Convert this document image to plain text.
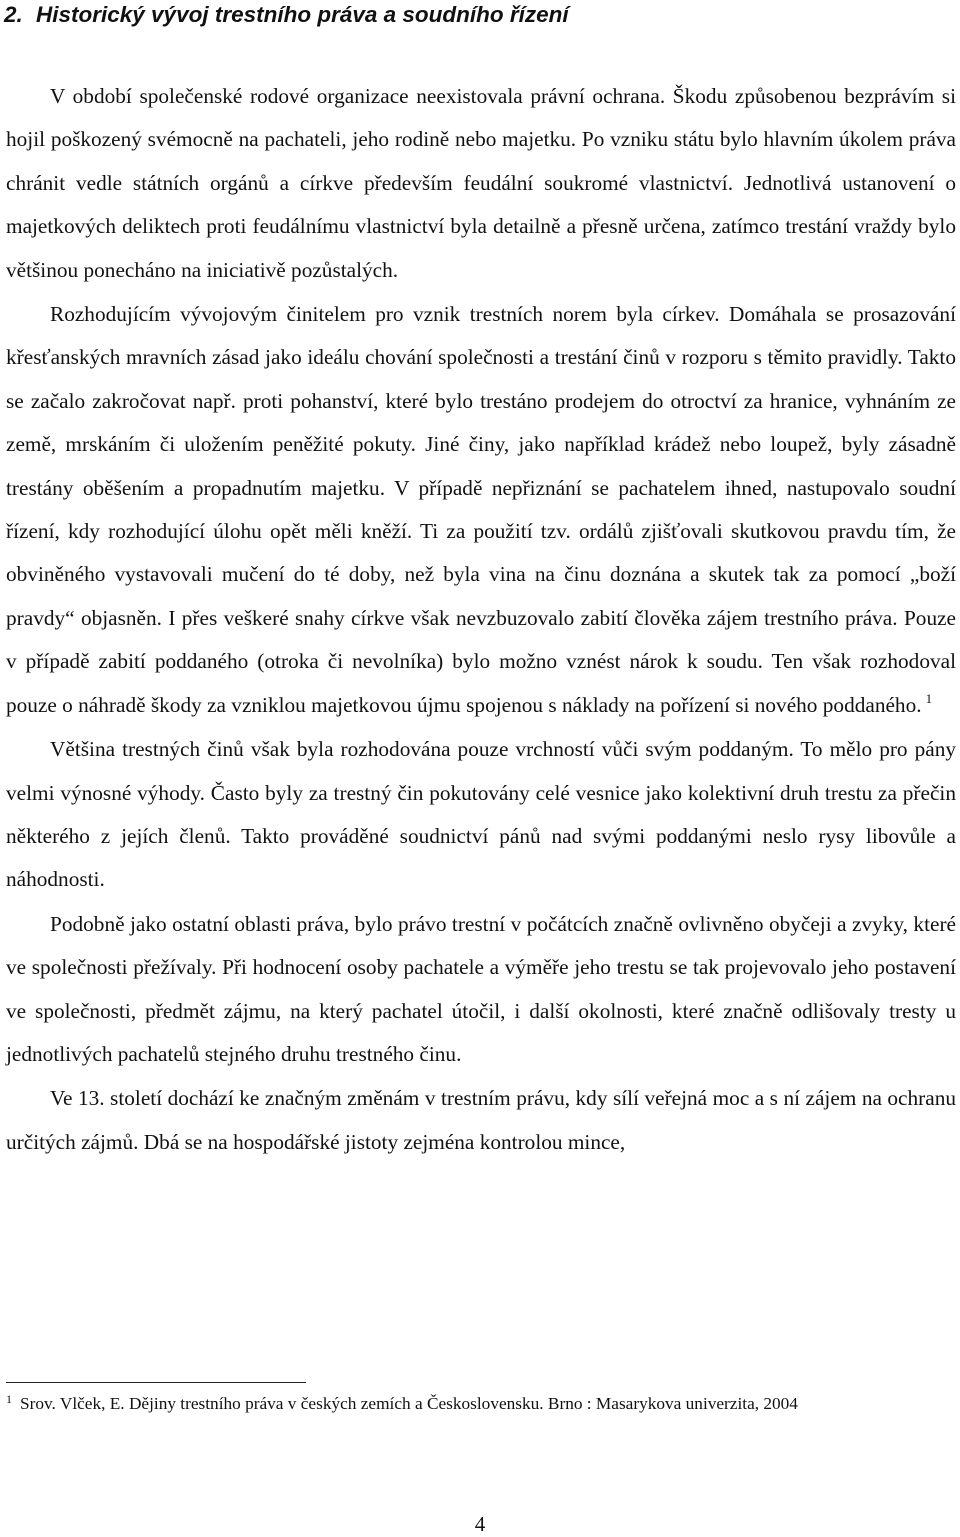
2. Historický vývoj trestního práva a soudního řízení

V období společenské rodové organizace neexistovala právní ochrana. Škodu způsobenou bezprávím si hojil poškozený svémocně na pachateli, jeho rodině nebo majetku. Po vzniku státu bylo hlavním úkolem práva chránit vedle státních orgánů a církve především feudální soukromé vlastnictví. Jednotlivá ustanovení o majetkových deliktech proti feudálnímu vlastnictví byla detailně a přesně určena, zatímco trestání vraždy bylo většinou ponecháno na iniciativě pozůstalých.

Rozhodujícím vývojovým činitelem pro vznik trestních norem byla církev. Domáhala se prosazování křesťanských mravních zásad jako ideálu chování společnosti a trestání činů v rozporu s těmito pravidly. Takto se začalo zakročovat např. proti pohanství, které bylo trestáno prodejem do otroctví za hranice, vyhnáním ze země, mrskáním či uložením peněžité pokuty. Jiné činy, jako například krádež nebo loupež, byly zásadně trestány oběšením a propadnutím majetku. V případě nepřiznání se pachatelem ihned, nastupovalo soudní řízení, kdy rozhodující úlohu opět měli kněží. Ti za použití tzv. ordálů zjišťovali skutkovou pravdu tím, že obviněného vystavovali mučení do té doby, než byla vina na činu doznána a skutek tak za pomocí „boží pravdy“ objasněn. I přes veškeré snahy církve však nevzbuzovalo zabití člověka zájem trestního práva. Pouze v případě zabití poddaného (otroka či nevolníka) bylo možno vznést nárok k soudu. Ten však rozhodoval pouze o náhradě škody za vzniklou majetkovou újmu spojenou s náklady na pořízení si nového poddaného. $^1$

Většina trestných činů však byla rozhodována pouze vrchností vůči svým poddaným. To mělo pro pány velmi výnosné výhody. Často byly za trestný čin pokutovány celé vesnice jako kolektivní druh trestu za přečin některého z jejích členů. Takto prováděné soudnictví pánů nad svými poddanými neslo rysy libovůle a náhodnosti.

Podobně jako ostatní oblasti práva, bylo právo trestní v počátcích značně ovlivněno obyčeji a zvyky, které ve společnosti přežívaly. Při hodnocení osoby pachatele a výměře jeho trestu se tak projevovalo jeho postavení ve společnosti, předmět zájmu, na který pachatel útočil, i další okolnosti, které značně odlišovaly tresty u jednotlivých pachatelů stejného druhu trestného činu.

Ve 13. století dochází ke značným změnám v trestním právu, kdy sílí veřejná moc a s ní zájem na ochranu určitých zájmů. Dbá se na hospodářské jistoty zejména kontrolou mince,

$^1$ Srov. Vlček, E. Dějiny trestního práva v českých zemích a Československu. Brno : Masarykova univerzita, 2004
4
